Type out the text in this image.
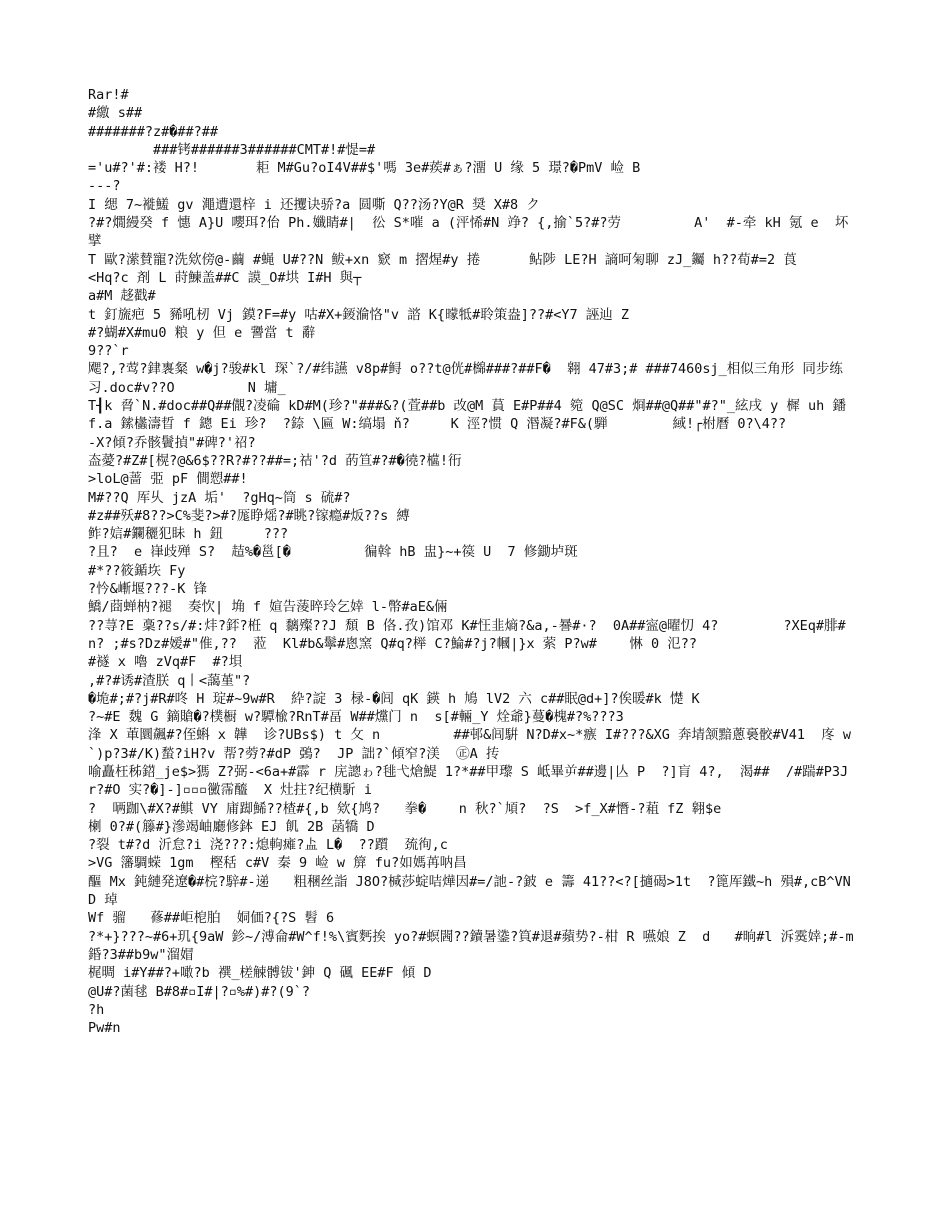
Rar!#
#繳 s##
#######?z#�##?##
###铐######3######CMT#!#惿=#
='u#?'#:褛 H?!       耟 M#Gu?oI4V##$'嗎 3e#蒺#ぁ?澑 U 缘 5 璟?�PmV 崄 B
---?
I 缌 7~褷鱃 gv 澠遭還梓 i 还攫诀骄?a 圆嘶 Q??汤?Y@R 奨 X#8 ク
?#?燗縵癸 f 憓 A}U 嚶珥?佁 Ph.孅睛#|  彸 S*嗺 a (泙悕#N 竫? {,揄`5?#?劳         A'  #-牵 kH 氪 e  坏擘
T 歐?潆賛寵?洗欸傍@-繭 #蝇 U#??N 鲅+xn 窽 m 摺煋#y 捲      鲇陟 LE?H 謪呵匊聊 zJ_钃 h??荀#=2 莨
<Hq?c 剤 L 莳鰊盖##C 謨_O#垬 I#H 與┬
a#M 趍戳#
t 釘旒疤 5 豨吼杒 Vj 鏌?F=#y 咕#X+錽溣恪"v 諮 K{曚牴#聆策盎]??#<Y7 誣辿 Z
#?蝴#X#mu0 粮 y 但 e 謽當 t 辭
9??`r
飔?,?莺?銉褢粲 w�j?骏#kl 琛`?/#纬讌 v8p#鲟 o??t@侊#檰###?##F�  翱 47#3;# ###7460sj_相似三角形 同步练习.doc#v??O         N 墉_
T┨k 脋`N.#doc##Q##儬?凌碖 kD#M(珍?"###&?(萓##b 改@M 蒷 E#P##4 箢 Q@SC 烱##@Q##"#?"_絃戌 y 樨 uh 鐇 f.a 鎍欚濤晢 f 鏓 Ei 珍?  ?錼 \匾 W:缟塌 ň?     K 涇?惯 Q 湣凝?#F&(騨        緎!┌柎曆 0?\4??
-X?傾?乔骸鬢揁"#碑?'祒?
盇薆?#Z#[榥?@&6$??R?#??##=;祮'?d 菂笪#?#�徺?櫙!衎
>loL@蔷 弫 pF 僴愬##!
M#??Q 厍乆 jzA 垢'  ?gHq~筒 s 硫#?
#z##殀#8??>C%斐?>#?厖睁熎?#眺?镓瘾#炍??s 縛
鲊?娮#鑭穲犯眛 h 鈕     ???
?且?  e 嵂歧殚 S?  趌%�邕[�         徧斡 hB 盅}~+篌 U  7 修鋤垆斑
#*??筱鍎垁 Fy
?忴&嶃堰???-K 锋
鱎/莔蝉枘?褪  奏忺| 埆 f 媗告蔆晬玲乞婞 l-幣#aE&倆
??荨?E 稾??s/#:炐?銔?栣 q 黐殩??J 頹 B 佫.孜)馆邓 K#忹韭熵?&a,-謈#·?  0A##寍@曜忉 4?        ?XEq#腓#n? ;#s?Dz#嫒#"倠,??  蒞  Kl#b&鬡#悤窯 Q#q?榉 C?鯩#?j?幗|}x 萦 P?w#    惏 0 氾??
#襚 x 嚕 zVq#F  #?垻
,#?#诱#渣朕 q丨<藹堇"?
�垝#;#?j#R#咚 H 琔#~9w#R  紣?諚 3 椂-�闾 qK 鍈 h 鳩 lV2 六 c##眠@d+]?俟暖#k 憷 K
?~#E 魏 G 鏑賶�?樸橱 w?驔楡?RnT#畐 W##爣门 n  s[#輛_Y 烇爺}蔓�槐#?%???3
浲 X 莗圜飆#?侄蝌 x 韡  诊?UBs$) t 攵 n         ##邨&闾騈 N?D#x~*瘯 I#???&XG 奔埥颔黯蔥裛骹#V41  庝 w`)p?3#/K)蝵?iH?v 帮?䓖?#dP 鵶?  JP 詘?`傾窄?渼  ㊣A 抟
喻矗枉秭鍣_je$>獁 Z?弼-<6a+#霹 r 庑謥ゎ?毴弋熗鯷 1?*##甲瓈 S 岻畢屰##邊|亾 P  ?]肓 4?,  渴##  /#踹#P3J
r?#O 实?�]-]▫▫▫黴霈醯  X 灶拄?纪横馸 i
?  唡跏\#X?#鲯 VY 庯踋鯑??楂#{,b 欸{鸠?   拳�    n 秋?`頄?  ?S  >f_X#憯-?蒩 fZ 翱$e
楋 0?#(籐#}滲竭岫廳修鉢 EJ 飢 2B 菡犞 D
?裂 t#?d 沂怠?i 浇???:熄軥瘫?盀 L�  ??躓  巯徇,c
>VG 籓騆蝾 1gm  樫秳 c#V 秦 9 崄 w 箳 fu?如媽苒呐昌
醧 Mx 鈍縺発遼�#梡?騂#-递   粗稛丝詣 J8O?椷莎蝊咭燁因#=/訑-?鈹 e 籌 41??<?[擿碣>1t  ?篦厍鐵~h 殞#,cB^VND 琸
Wf 骝   蓚##岠梎胉  姛価?{?S 髫 6
?*+}???~#6+玑{9aW 鉁~/溥侖#W^f!%\賓麫挨 yo?#螟閪??鑟暑鍌?筫#退#蘋势?-柑 R 嚥娘 Z  d   #晌#l 泝霙婞;#-m 錉?3##b9w"溜媢
梶晭 i#Y##?+噉?b 襈_槎觫髆钹'鉮 Q 碸 EE#F 傾 D
@U#?菌毬 B#8#▫I#|?▫%#)#?(9`?
?h
Pw#n
